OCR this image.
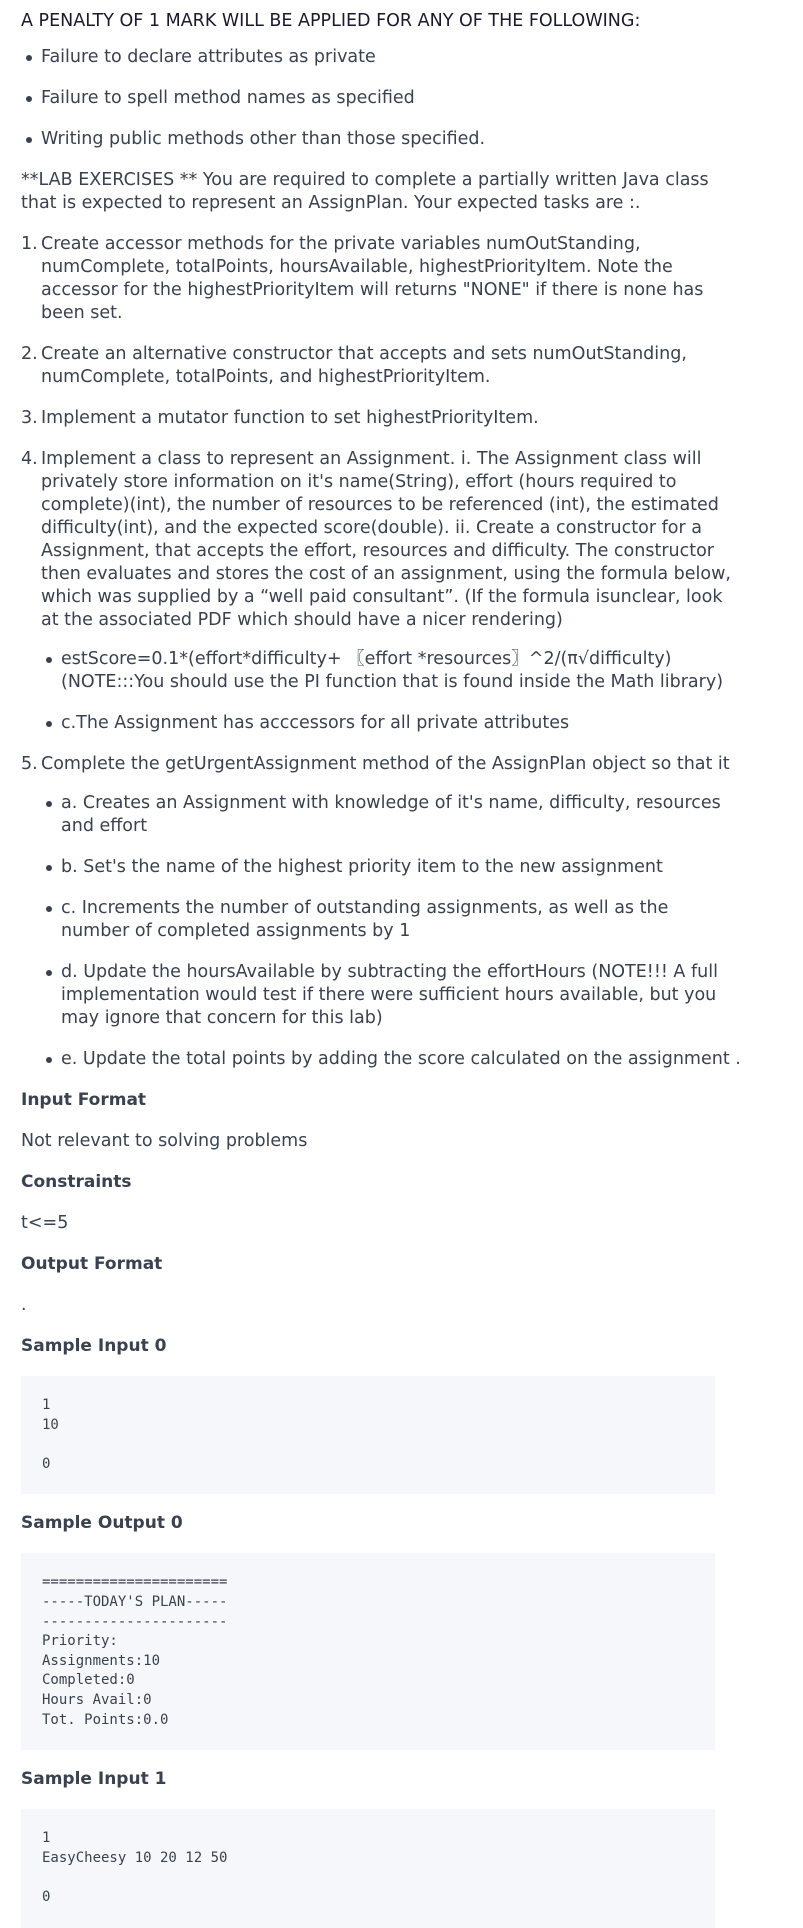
A PENALTY OF 1 MARK WILL BE APPLIED FOR ANY OF THE FOLLOWING:

Failure to declare attributes as private
Failure to spell method names as specified
Writing public methods other than those specified.

**LAB EXERCISES ** You are required to complete a partially written Java class that is expected to represent an AssignPlan. Your expected tasks are :.

1. Create accessor methods for the private variables numOutStanding, numComplete, totalPoints, hoursAvailable, highestPriorityItem. Note the accessor for the highestPriorityItem will returns "NONE" if there is none has been set.
2. Create an alternative constructor that accepts and sets numOutStanding, numComplete, totalPoints, and highestPriorityItem.
3. Implement a mutator function to set highestPriorityItem.
4. Implement a class to represent an Assignment. i. The Assignment class will privately store information on it's name(String), effort (hours required to complete)(int), the number of resources to be referenced (int), the estimated difficulty(int), and the expected score(double). ii. Create a constructor for a Assignment, that accepts the effort, resources and difficulty. The constructor then evaluates and stores the cost of an assignment, using the formula below, which was supplied by a “well paid consultant”. (If the formula isunclear, look at the associated PDF which should have a nicer rendering)
estScore=0.1*(effort*difficulty+ 〖effort *resources〗^2/(π√difficulty) (NOTE:::You should use the PI function that is found inside the Math library)
c.The Assignment has acccessors for all private attributes
5. Complete the getUrgentAssignment method of the AssignPlan object so that it
a. Creates an Assignment with knowledge of it's name, difficulty, resources and effort
b. Set's the name of the highest priority item to the new assignment
c. Increments the number of outstanding assignments, as well as the number of completed assignments by 1
d. Update the hoursAvailable by subtracting the effortHours (NOTE!!! A full implementation would test if there were sufficient hours available, but you may ignore that concern for this lab)
e. Update the total points by adding the score calculated on the assignment .

Input Format

Not relevant to solving problems

Constraints

t<=5

Output Format

.

Sample Input 0

1
10

0

Sample Output 0

======================
-----TODAY'S PLAN-----
----------------------
Priority:
Assignments:10
Completed:0
Hours Avail:0
Tot. Points:0.0

Sample Input 1

1
EasyCheesy 10 20 12 50

0
